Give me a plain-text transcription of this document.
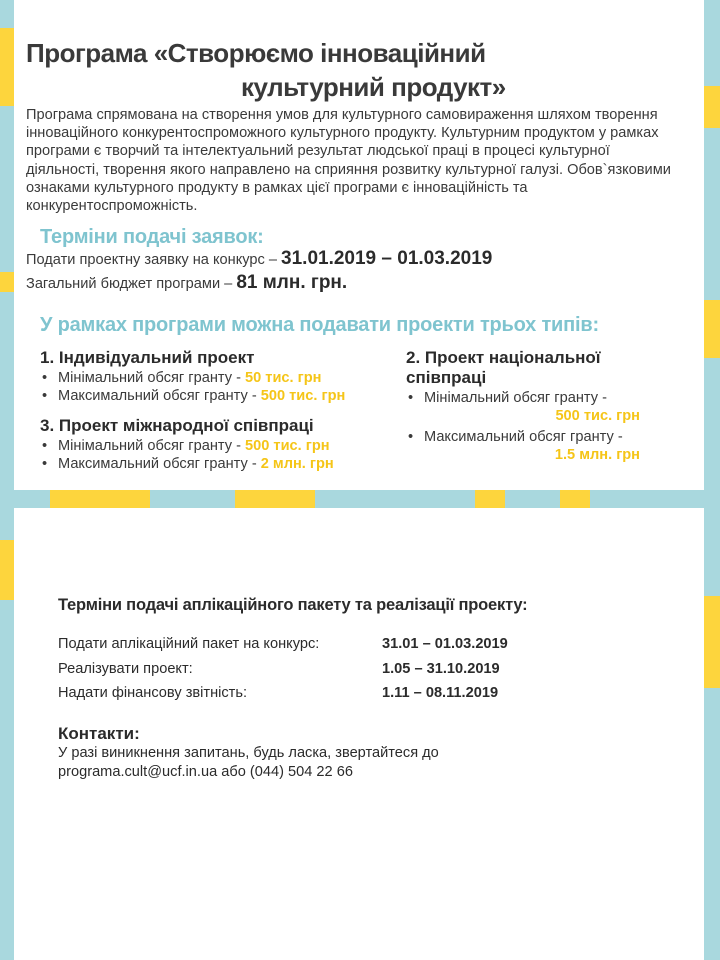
Програма «Створюємо інноваційний
культурний продукт»

Програма спрямована на створення умов для культурного самовираження шляхом творення інноваційного конкурентоспроможного культурного продукту. Культурним продуктом у рамках програми є творчий та інтелектуальний результат людської праці в процесі культурної діяльності, творення якого направлено на сприяння розвитку культурної галузі. Обов`язковими ознаками культурного продукту в рамках цієї програми є інноваційність та конкурентоспроможність.

Терміни подачі заявок:
Подати проектну заявку на конкурс – 31.01.2019 – 01.03.2019
Загальний бюджет програми – 81 млн. грн.
У рамках програми можна подавати проекти трьох типів:
1. Індивідуальний проект
• Мінімальний обсяг гранту - 50 тис. грн
• Максимальний обсяг гранту - 500 тис. грн
3. Проект міжнародної співпраці
• Мінімальний обсяг гранту - 500 тис. грн
• Максимальний обсяг гранту - 2 млн. грн
2. Проект національної співпраці
• Мінімальний обсяг гранту -
500 тис. грн
• Максимальний обсяг гранту -
1.5 млн. грн
Терміни подачі аплікаційного пакету та реалізації проекту:
Подати аплікаційний пакет на конкурс:	31.01 – 01.03.2019
Реалізувати проект:	1.05 – 31.10.2019
Надати фінансову звітність:	1.11 – 08.11.2019
Контакти:
У разі виникнення запитань, будь ласка, звертайтеся до
programa.cult@ucf.in.ua або (044) 504 22 66
